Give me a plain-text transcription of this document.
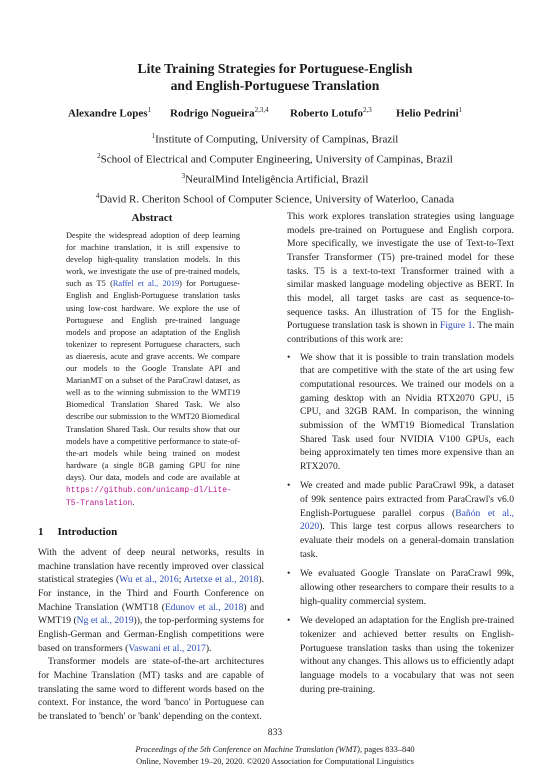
Lite Training Strategies for Portuguese-English
and English-Portuguese Translation
Alexandre Lopes$^1$ Rodrigo Nogueira$^{2,3,4}$ Roberto Lotufo$^{2,3}$ Helio Pedrini$^1$
$^1$Institute of Computing, University of Campinas, Brazil
$^2$School of Electrical and Computer Engineering, University of Campinas, Brazil
$^3$NeuralMind Inteligência Artificial, Brazil
$^4$David R. Cheriton School of Computer Science, University of Waterloo, Canada
Abstract
Despite the widespread adoption of deep learning for machine translation, it is still expensive to develop high-quality translation models. In this work, we investigate the use of pre-trained models, such as T5 (Raffel et al., 2019) for Portuguese-English and English-Portuguese translation tasks using low-cost hardware. We explore the use of Portuguese and English pre-trained language models and propose an adaptation of the English tokenizer to represent Portuguese characters, such as diaeresis, acute and grave accents. We compare our models to the Google Translate API and MarianMT on a subset of the ParaCrawl dataset, as well as to the winning submission to the WMT19 Biomedical Translation Shared Task. We also describe our submission to the WMT20 Biomedical Translation Shared Task. Our results show that our models have a competitive performance to state-of-the-art models while being trained on modest hardware (a single 8GB gaming GPU for nine days). Our data, models and code are available at https://github.com/unicamp-dl/Lite-T5-Translation.
1 Introduction

With the advent of deep neural networks, results in machine translation have recently improved over classical statistical strategies (Wu et al., 2016; Artetxe et al., 2018). For instance, in the Third and Fourth Conference on Machine Translation (WMT18 (Edunov et al., 2018) and WMT19 (Ng et al., 2019)), the top-performing systems for English-German and German-English competitions were based on transformers (Vaswani et al., 2017).

Transformer models are state-of-the-art architectures for Machine Translation (MT) tasks and are capable of translating the same word to different words based on the context. For instance, the word 'banco' in Portuguese can be translated to 'bench' or 'bank' depending on the context.

This work explores translation strategies using language models pre-trained on Portuguese and English corpora. More specifically, we investigate the use of Text-to-Text Transfer Transformer (T5) pre-trained model for these tasks. T5 is a text-to-text Transformer trained with a similar masked language modeling objective as BERT. In this model, all target tasks are cast as sequence-to-sequence tasks. An illustration of T5 for the English-Portuguese translation task is shown in Figure 1. The main contributions of this work are:

• We show that it is possible to train translation models that are competitive with the state of the art using few computational resources. We trained our models on a gaming desktop with an Nvidia RTX2070 GPU, i5 CPU, and 32GB RAM. In comparison, the winning submission of the WMT19 Biomedical Translation Shared Task used four NVIDIA V100 GPUs, each being approximately ten times more expensive than an RTX2070.
• We created and made public ParaCrawl 99k, a dataset of 99k sentence pairs extracted from ParaCrawl's v6.0 English-Portuguese parallel corpus (Bañón et al., 2020). This large test corpus allows researchers to evaluate their models on a general-domain translation task.
• We evaluated Google Translate on ParaCrawl 99k, allowing other researchers to compare their results to a high-quality commercial system.
• We developed an adaptation for the English pre-trained tokenizer and achieved better results on English-Portuguese translation tasks than using the tokenizer without any changes. This allows us to efficiently adapt language models to a vocabulary that was not seen during pre-training.
833
Proceedings of the 5th Conference on Machine Translation (WMT), pages 833–840
Online, November 19–20, 2020. ©2020 Association for Computational Linguistics
